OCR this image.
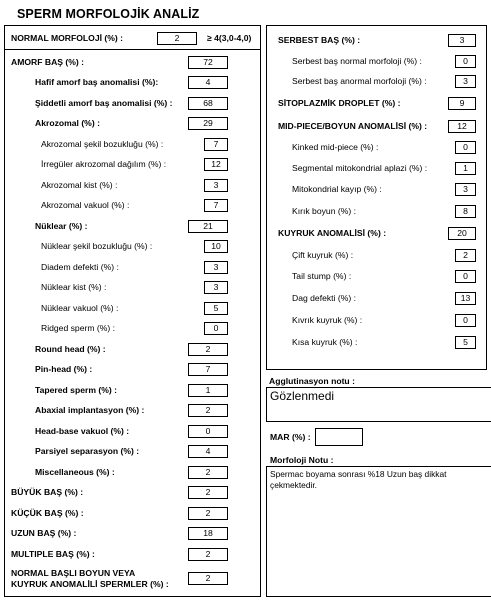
SPERM MORFOLOJİK ANALİZ
NORMAL MORFOLOJİ (%) :	2	≥ 4(3,0-4,0)
AMORF BAŞ (%) :	72
Hafif amorf baş anomalisi (%):	4
Şiddetli amorf baş anomalisi (%) :	68
Akrozomal (%) :	29
Akrozomal şekil bozukluğu (%) :	7
İrregüler akrozomal dağılım (%) :	12
Akrozomal kist (%) :	3
Akrozomal vakuol (%) :	7
Nüklear (%) :	21
Nüklear şekil bozukluğu (%) :	10
Diadem defekti (%) :	3
Nüklear kist (%) :	3
Nüklear vakuol (%) :	5
Ridged sperm (%) :	0
Round head (%) :	2
Pin-head (%) :	7
Tapered sperm (%) :	1
Abaxial implantasyon (%) :	2
Head-base vakuol (%) :	0
Parsiyel separasyon (%) :	4
Miscellaneous (%) :	2
BÜYÜK BAŞ (%) :	2
KÜÇÜK BAŞ (%) :	2
UZUN BAŞ (%) :	18
MULTIPLE BAŞ (%) :	2
NORMAL BAŞLI BOYUN VEYA
KUYRUK ANOMALİLİ SPERMLER (%) :
2
SERBEST BAŞ (%) :	3
Serbest baş normal morfoloji (%) :	0
Serbest baş anormal morfoloji (%) :	3
SİTOPLAZMİK DROPLET (%) :	9
MID-PIECE/BOYUN ANOMALİSİ (%) :	12
Kinked mid-piece (%) :	0
Segmental mitokondrial aplazi (%) :	1
Mitokondrial kayıp (%) :	3
Kırık boyun (%) :	8
KUYRUK ANOMALİSİ (%) :	20
Çift kuyruk (%) :	2
Tail stump (%) :	0
Dag defekti (%) :	13
Kıvrık kuyruk (%) :	0
Kısa kuyruk (%) :	5
Agglutinasyon notu :
Gözlenmedi
MAR (%) :
Morfoloji Notu :
Spermac boyama sonrası %18 Uzun baş dikkat çekmektedir.
